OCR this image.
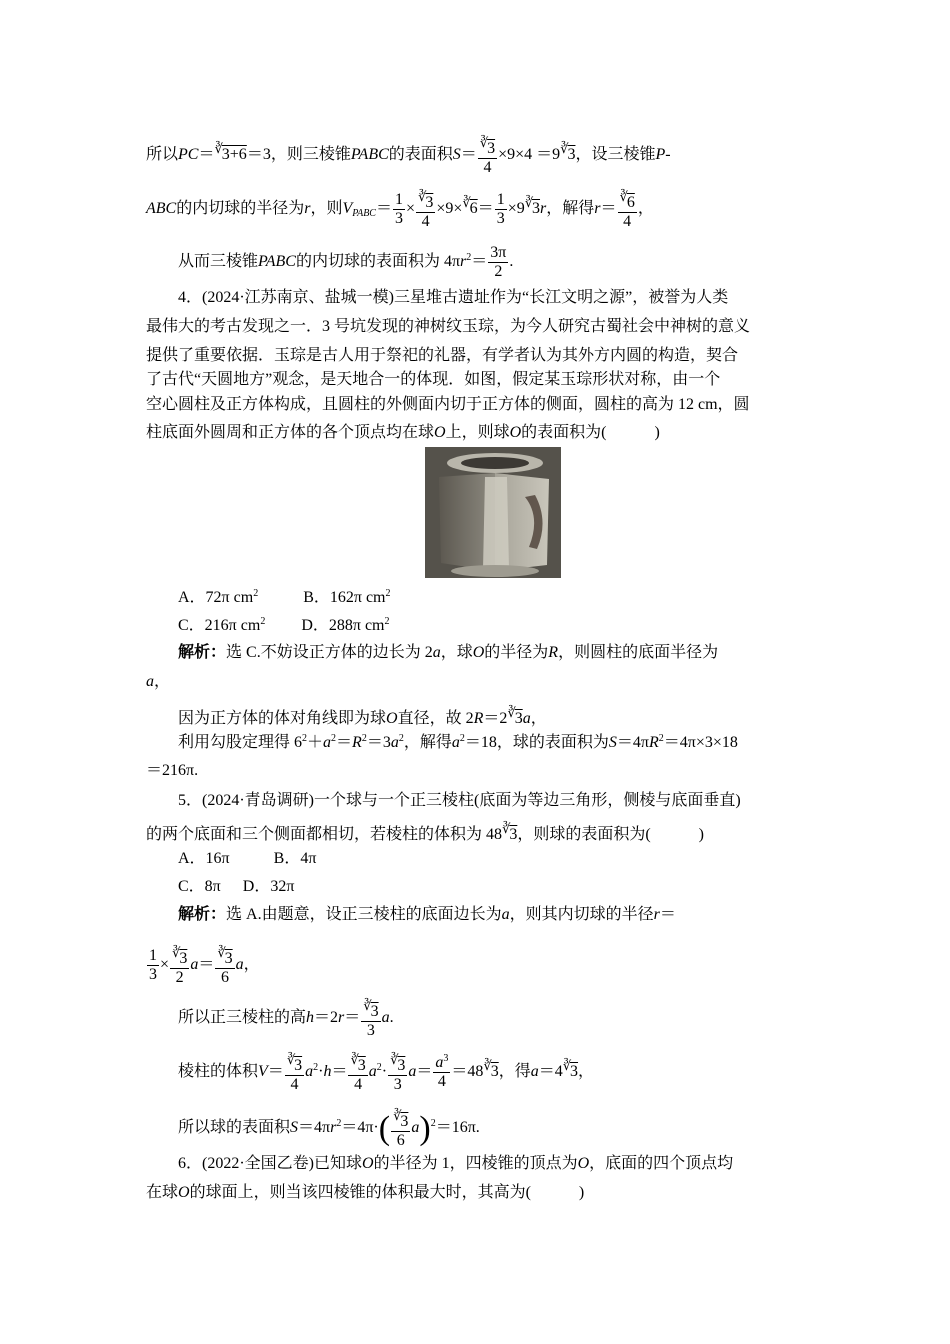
所以PC＝∛3+6＝3，则三棱锥PABC的表面积$S= \frac{^∛3}{4} \times 9\times 4 =9^∛3$，设三棱锥P-
ABC的内切球的半径为r，则$V_{PABC}= \frac{1}{3} \times \frac{^∛3}{4} \times 9\times^∛6= \frac{1}{3} \times 9^∛3r$，解得$r= \frac{^∛6}{4}$ ，
从而三棱锥PABC的内切球的表面积为 $4\pi r^2= \frac{3\pi}{2}$ .
4．(2024·江苏南京、盐城一模)三星堆古遗址作为“长江文明之源”，被誉为人类
最伟大的考古发现之一．3 号坑发现的神树纹玉琮，为今人研究古蜀社会中神树的意义
提供了重要依据．玉琮是古人用于祭祀的礼器，有学者认为其外方内圆的构造，契合
了古代“天圆地方”观念，是天地合一的体现．如图，假定某玉琮形状对称，由一个
空心圆柱及正方体构成，且圆柱的外侧面内切于正方体的侧面，圆柱的高为 12 cm，圆
柱底面外圆周和正方体的各个顶点均在球O上，则球O的表面积为(　　　)
A．72π $cm^2$	B．162π $cm^2$
C．216π $cm^2$ D．288π $cm^2$
解析：选 C.不妨设正方体的边长为 2a，球O的半径为R，则圆柱的底面半径为
a，
因为正方体的体对角线即为球O直径，故 2R＝2∛3a，
利用勾股定理得 $6^2+a^2=R^2=3a^2$，解得$a^2=18$，球的表面积为$S=4\pi R^2=4\pi\times 3\times 18$
＝216π.
5．(2024·青岛调研)一个球与一个正三棱柱(底面为等边三角形，侧棱与底面垂直)
的两个底面和三个侧面都相切，若棱柱的体积为 48∛3，则球的表面积为(　　　)
A．16π	B．4π
C．8π D．32π
解析：选 A.由题意，设正三棱柱的底面边长为a，则其内切球的半径r＝
$\frac{1}{3} \times \frac{^∛3}{2} a= \frac{^∛3}{6}$ a，
所以正三棱柱的高$h=2r= \frac{^∛3}{3} a$.
棱柱的体积$V= \frac{^∛3}{4} a^2\cdot h= \frac{^∛3}{4} a^2\cdot \frac{^∛3}{3} a= \frac{a^3}{4} =48^∛3$，得a＝4∛3，
所以球的表面积$S=4\pi r^2=4\pi\cdot( \frac{^∛3}{6} a)^2=16\pi$.
6．(2022·全国乙卷)已知球O的半径为 1，四棱锥的顶点为O，底面的四个顶点均
在球O的球面上，则当该四棱锥的体积最大时，其高为(　　　)
